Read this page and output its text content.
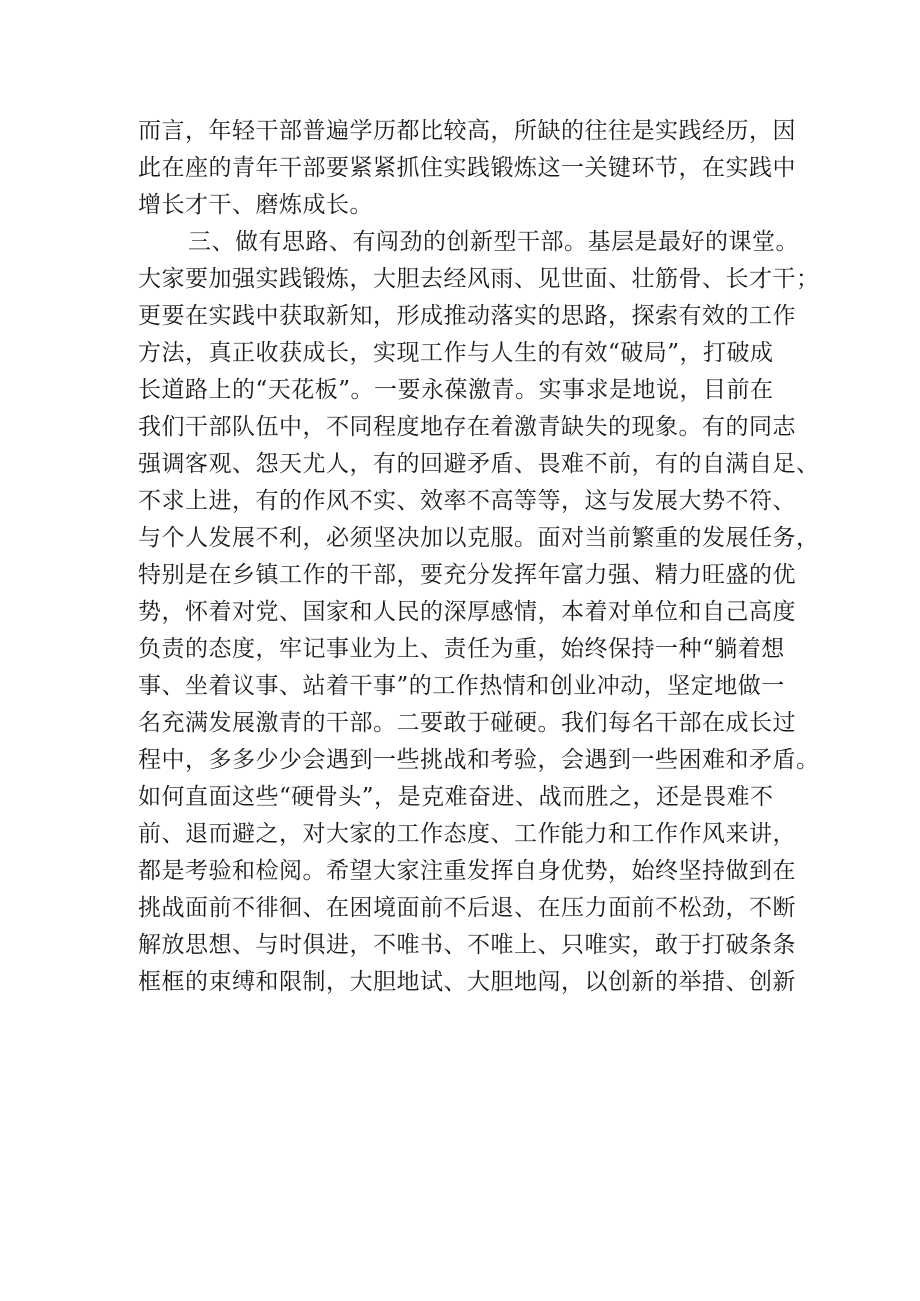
而言，年轻干部普遍学历都比较高，所缺的往往是实践经历，因
此在座的青年干部要紧紧抓住实践锻炼这一关键环节，在实践中
增长才干、磨炼成长。
三、做有思路、有闯劲的创新型干部。基层是最好的课堂。
大家要加强实践锻炼，大胆去经风雨、见世面、壮筋骨、长才干；
更要在实践中获取新知，形成推动落实的思路，探索有效的工作
方法，真正收获成长，实现工作与人生的有效“破局”，打破成
长道路上的“天花板”。一要永葆激青。实事求是地说，目前在
我们干部队伍中，不同程度地存在着激青缺失的现象。有的同志
强调客观、怨天尤人，有的回避矛盾、畏难不前，有的自满自足、
不求上进，有的作风不实、效率不高等等，这与发展大势不符、
与个人发展不利，必须坚决加以克服。面对当前繁重的发展任务，
特别是在乡镇工作的干部，要充分发挥年富力强、精力旺盛的优
势，怀着对党、国家和人民的深厚感情，本着对单位和自己高度
负责的态度，牢记事业为上、责任为重，始终保持一种“躺着想
事、坐着议事、站着干事”的工作热情和创业冲动，坚定地做一
名充满发展激青的干部。二要敢于碰硬。我们每名干部在成长过
程中，多多少少会遇到一些挑战和考验，会遇到一些困难和矛盾。
如何直面这些“硬骨头”，是克难奋进、战而胜之，还是畏难不
前、退而避之，对大家的工作态度、工作能力和工作作风来讲，
都是考验和检阅。希望大家注重发挥自身优势，始终坚持做到在
挑战面前不徘徊、在困境面前不后退、在压力面前不松劲，不断
解放思想、与时俱进，不唯书、不唯上、只唯实，敢于打破条条
框框的束缚和限制，大胆地试、大胆地闯，以创新的举措、创新
